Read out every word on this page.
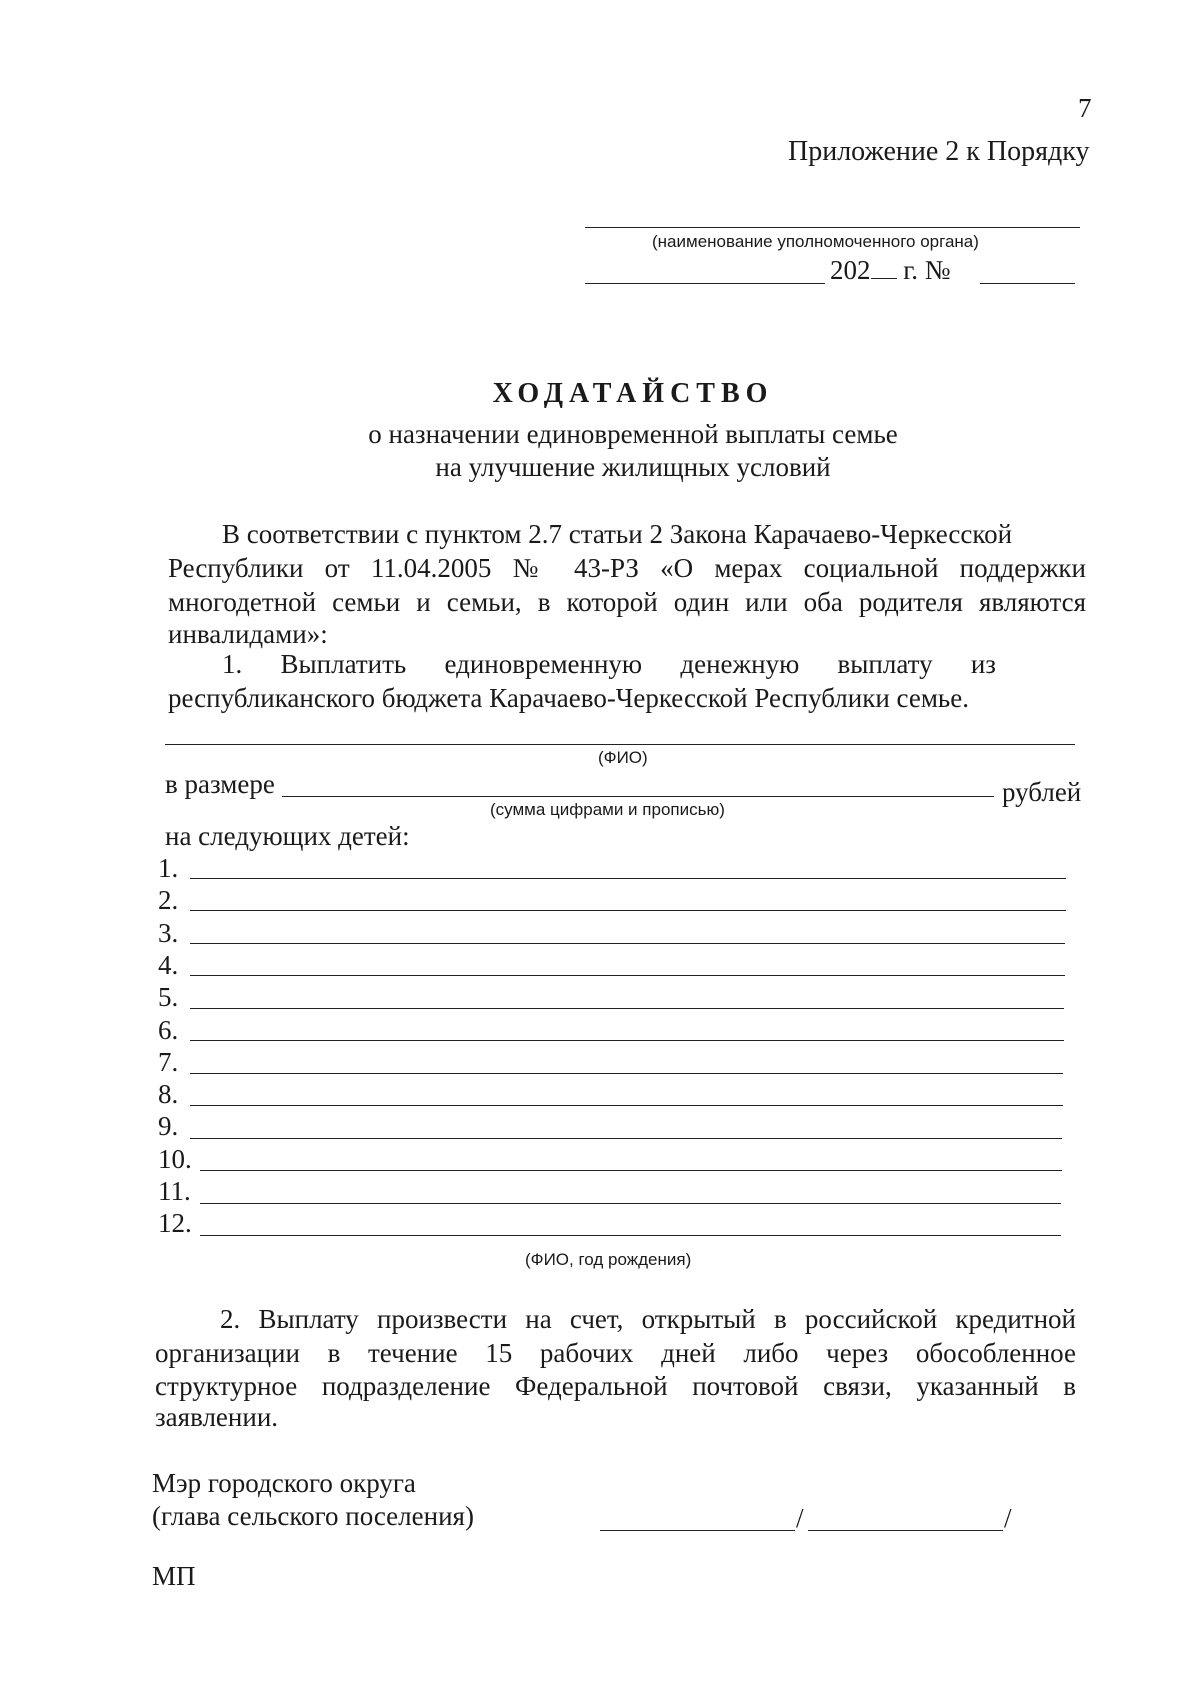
7
Приложение 2 к Порядку
(наименование уполномоченного органа)
202 г. №
ХОДАТАЙСТВО
о назначении единовременной выплаты семье
на улучшение жилищных условий
В соответствии с пунктом 2.7 статьи 2 Закона Карачаево-Черкесской
Республики от 11.04.2005 № 43-РЗ «О мерах социальной поддержки
многодетной семьи и семьи, в которой один или оба родителя являются
инвалидами»:
1.   Выплатить   единовременную   денежную   выплату   из
республиканского бюджета Карачаево-Черкесской Республики семье.
(ФИО)
в размере	рублей
(сумма цифрами и прописью)
на следующих детей:
1.
2.
3.
4.
5.
6.
7.
8.
9.
10.
11.
12.
(ФИО, год рождения)
2. Выплату произвести на счет, открытый в российской кредитной
организации в течение 15 рабочих дней либо через обособленное
структурное подразделение Федеральной почтовой связи, указанный в
заявлении.
Мэр городского округа
(глава сельского поселения)	/	/
МП
